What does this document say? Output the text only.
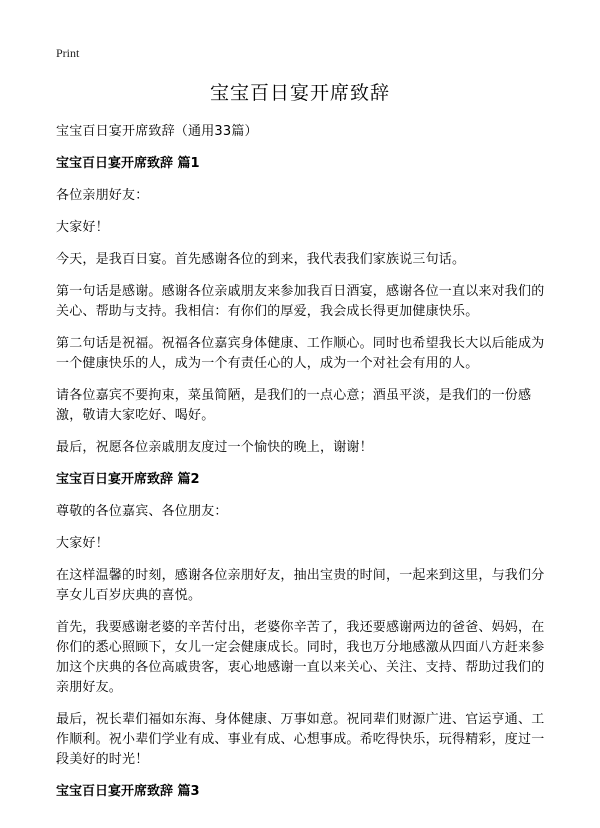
Print
宝宝百日宴开席致辞
宝宝百日宴开席致辞（通用33篇）
宝宝百日宴开席致辞 篇1
各位亲朋好友：
大家好！
今天，是我百日宴。首先感谢各位的到来，我代表我们家族说三句话。
第一句话是感谢。感谢各位亲戚朋友来参加我百日酒宴，感谢各位一直以来对我们的关心、帮助与支持。我相信：有你们的厚爱，我会成长得更加健康快乐。
第二句话是祝福。祝福各位嘉宾身体健康、工作顺心。同时也希望我长大以后能成为一个健康快乐的人，成为一个有责任心的人，成为一个对社会有用的人。
请各位嘉宾不要拘束，菜虽简陋，是我们的一点心意；酒虽平淡，是我们的一份感激，敬请大家吃好、喝好。
最后，祝愿各位亲戚朋友度过一个愉快的晚上，谢谢！
宝宝百日宴开席致辞 篇2
尊敬的各位嘉宾、各位朋友：
大家好！
在这样温馨的时刻，感谢各位亲朋好友，抽出宝贵的时间，一起来到这里，与我们分享女儿百岁庆典的喜悦。
首先，我要感谢老婆的辛苦付出，老婆你辛苦了，我还要感谢两边的爸爸、妈妈，在你们的悉心照顾下，女儿一定会健康成长。同时，我也万分地感激从四面八方赶来参加这个庆典的各位高戚贵客，衷心地感谢一直以来关心、关注、支持、帮助过我们的亲朋好友。
最后，祝长辈们福如东海、身体健康、万事如意。祝同辈们财源广进、官运亨通、工作顺利。祝小辈们学业有成、事业有成、心想事成。希吃得快乐，玩得精彩，度过一段美好的时光！
宝宝百日宴开席致辞 篇3
